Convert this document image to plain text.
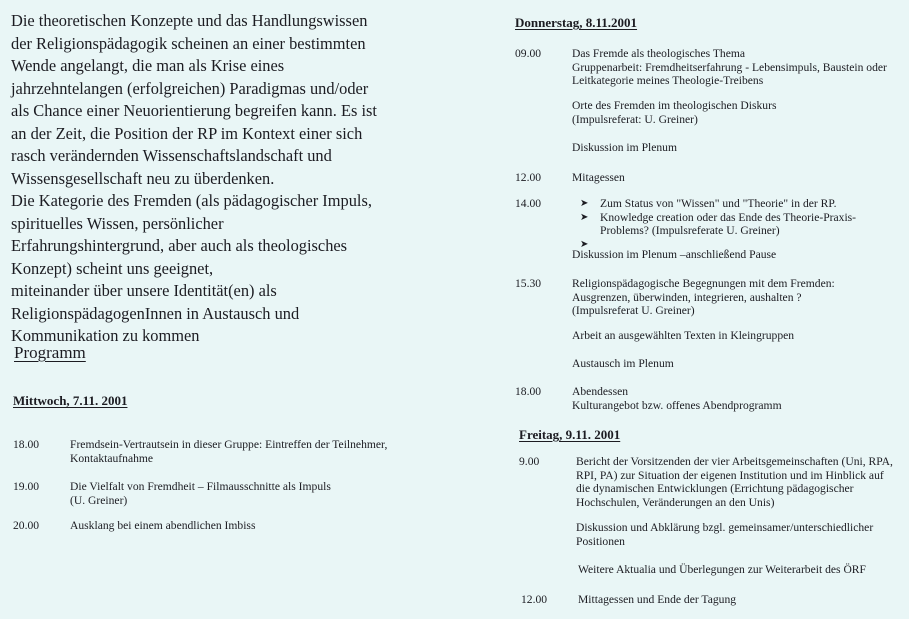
Die theoretischen Konzepte und das Handlungswissen
der Religionspädagogik scheinen an einer bestimmten
Wende angelangt, die man als Krise eines
jahrzehntelangen (erfolgreichen) Paradigmas und/oder
als Chance einer Neuorientierung begreifen kann. Es ist
an der Zeit, die Position der RP im Kontext einer sich
rasch verändernden Wissenschaftslandschaft und
Wissensgesellschaft neu zu überdenken.
Die Kategorie des Fremden (als pädagogischer Impuls,
spirituelles Wissen, persönlicher
Erfahrungshintergrund, aber auch als theologisches
Konzept) scheint uns geeignet,
miteinander über unsere Identität(en) als
ReligionspädagogenInnen in Austausch und
Kommunikation zu kommen
Programm
Mittwoch, 7.11. 2001
18.00	Fremdsein-Vertrautsein in dieser Gruppe: Eintreffen der Teilnehmer,
Kontaktaufnahme
19.00	Die Vielfalt von Fremdheit – Filmausschnitte als Impuls
(U. Greiner)
20.00	Ausklang bei einem abendlichen Imbiss
Donnerstag, 8.11.2001
09.00	Das Fremde als theologisches Thema
Gruppenarbeit: Fremdheitserfahrung - Lebensimpuls, Baustein oder
Leitkategorie meines Theologie-Treibens
Orte des Fremden im theologischen Diskurs
(Impulsreferat: U. Greiner)
Diskussion im Plenum
12.00	Mitagessen
14.00	➤ Zum Status von "Wissen" und "Theorie" in der RP.
➤ Knowledge creation oder das Ende des Theorie-Praxis-
Problems? (Impulsreferate U. Greiner)
➤

Diskussion im Plenum –anschließend Pause
15.30	Religionspädagogische Begegnungen mit dem Fremden:
Ausgrenzen, überwinden, integrieren, aushalten ?
(Impulsreferat U. Greiner)
Arbeit an ausgewählten Texten in Kleingruppen
Austausch im Plenum
18.00	Abendessen
Kulturangebot bzw. offenes Abendprogramm
Freitag, 9.11. 2001
9.00	Bericht der Vorsitzenden der vier Arbeitsgemeinschaften (Uni, RPA,
RPI, PA) zur Situation der eigenen Institution und im Hinblick auf
die dynamischen Entwicklungen (Errichtung pädagogischer
Hochschulen, Veränderungen an den Unis)
Diskussion und Abklärung bzgl. gemeinsamer/unterschiedlicher
Positionen
Weitere Aktualia und Überlegungen zur Weiterarbeit des ÖRF
12.00	Mittagessen und Ende der Tagung
